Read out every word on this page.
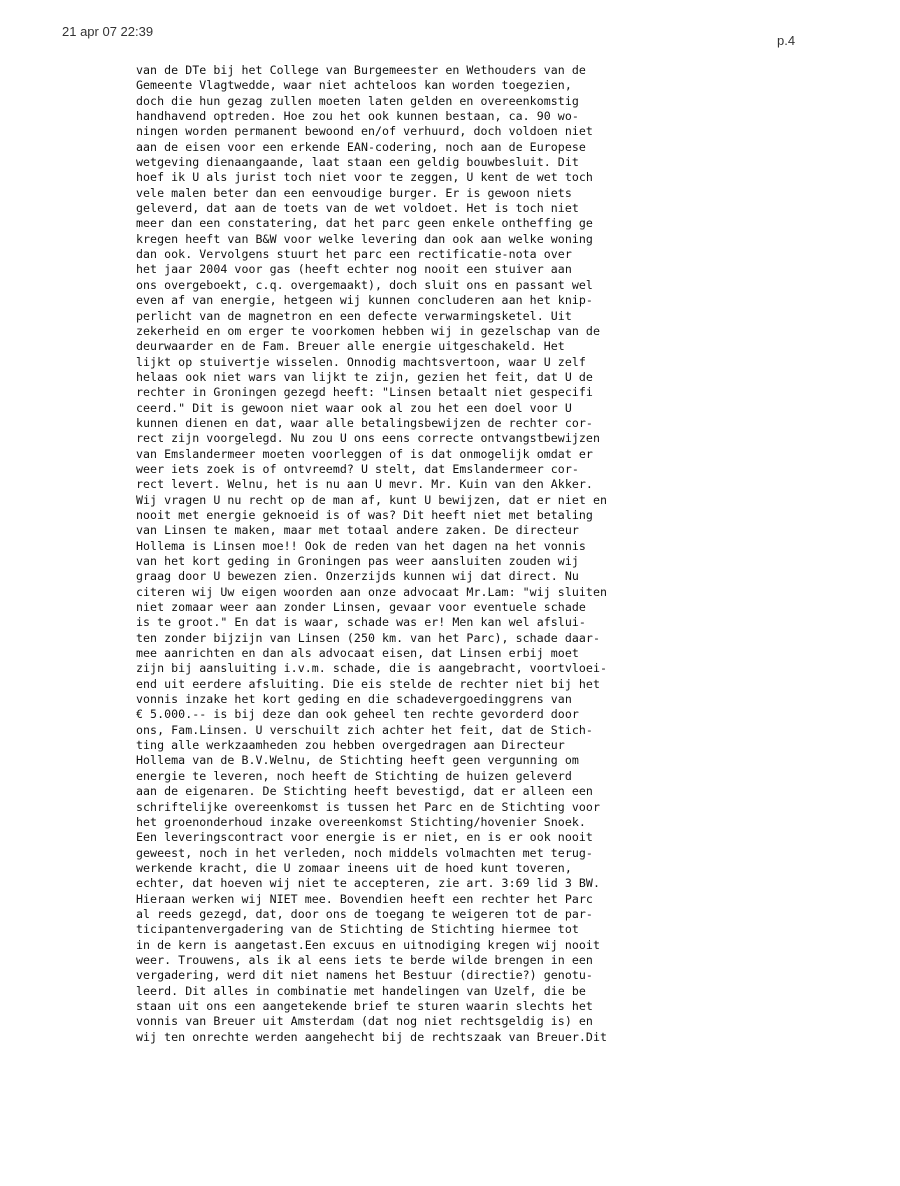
21 apr 07 22:39
p.4
van de DTe bij het College van Burgemeester en Wethouders van de
Gemeente Vlagtwedde, waar niet achteloos kan worden toegezien,
doch die hun gezag zullen moeten laten gelden en overeenkomstig
handhavend optreden. Hoe zou het ook kunnen bestaan, ca. 90 wo-
ningen worden permanent bewoond en/of verhuurd, doch voldoen niet
aan de eisen voor een erkende EAN-codering, noch aan de Europese
wetgeving dienaangaande, laat staan een geldig bouwbesluit. Dit
hoef ik U als jurist toch niet voor te zeggen, U kent de wet toch
vele malen beter dan een eenvoudige burger. Er is gewoon niets
geleverd, dat aan de toets van de wet voldoet. Het is toch niet
meer dan een constatering, dat het parc geen enkele ontheffing ge
kregen heeft van B&W voor welke levering dan ook aan welke woning
dan ook. Vervolgens stuurt het parc een rectificatie-nota over
het jaar 2004 voor gas (heeft echter nog nooit een stuiver aan
ons overgeboekt, c.q. overgemaakt), doch sluit ons en passant wel
even af van energie, hetgeen wij kunnen concluderen aan het knip-
perlicht van de magnetron en een defecte verwarmingsketel. Uit
zekerheid en om erger te voorkomen hebben wij in gezelschap van de
deurwaarder en de Fam. Breuer alle energie uitgeschakeld. Het
lijkt op stuivertje wisselen. Onnodig machtsvertoon, waar U zelf
helaas ook niet wars van lijkt te zijn, gezien het feit, dat U de
rechter in Groningen gezegd heeft: "Linsen betaalt niet gespecifi
ceerd." Dit is gewoon niet waar ook al zou het een doel voor U
kunnen dienen en dat, waar alle betalingsbewijzen de rechter cor-
rect zijn voorgelegd. Nu zou U ons eens correcte ontvangstbewijzen
van Emslandermeer moeten voorleggen of is dat onmogelijk omdat er
weer iets zoek is of ontvreemd? U stelt, dat Emslandermeer cor-
rect levert. Welnu, het is nu aan U mevr. Mr. Kuin van den Akker.
Wij vragen U nu recht op de man af, kunt U bewijzen, dat er niet en
nooit met energie geknoeid is of was? Dit heeft niet met betaling
van Linsen te maken, maar met totaal andere zaken. De directeur
Hollema is Linsen moe!! Ook de reden van het dagen na het vonnis
van het kort geding in Groningen pas weer aansluiten zouden wij
graag door U bewezen zien. Onzerzijds kunnen wij dat direct. Nu
citeren wij Uw eigen woorden aan onze advocaat Mr.Lam: "wij sluiten
niet zomaar weer aan zonder Linsen, gevaar voor eventuele schade
is te groot." En dat is waar, schade was er! Men kan wel afslui-
ten zonder bijzijn van Linsen (250 km. van het Parc), schade daar-
mee aanrichten en dan als advocaat eisen, dat Linsen erbij moet
zijn bij aansluiting i.v.m. schade, die is aangebracht, voortvloei-
end uit eerdere afsluiting. Die eis stelde de rechter niet bij het
vonnis inzake het kort geding en die schadevergoedinggrens van
€ 5.000.-- is bij deze dan ook geheel ten rechte gevorderd door
ons, Fam.Linsen. U verschuilt zich achter het feit, dat de Stich-
ting alle werkzaamheden zou hebben overgedragen aan Directeur
Hollema van de B.V.Welnu, de Stichting heeft geen vergunning om
energie te leveren, noch heeft de Stichting de huizen geleverd
aan de eigenaren. De Stichting heeft bevestigd, dat er alleen een
schriftelijke overeenkomst is tussen het Parc en de Stichting voor
het groenonderhoud inzake overeenkomst Stichting/hovenier Snoek.
Een leveringscontract voor energie is er niet, en is er ook nooit
geweest, noch in het verleden, noch middels volmachten met terug-
werkende kracht, die U zomaar ineens uit de hoed kunt toveren,
echter, dat hoeven wij niet te accepteren, zie art. 3:69 lid 3 BW.
Hieraan werken wij NIET mee. Bovendien heeft een rechter het Parc
al reeds gezegd, dat, door ons de toegang te weigeren tot de par-
ticipantenvergadering van de Stichting de Stichting hiermee tot
in de kern is aangetast.Een excuus en uitnodiging kregen wij nooit
weer. Trouwens, als ik al eens iets te berde wilde brengen in een
vergadering, werd dit niet namens het Bestuur (directie?) genotu-
leerd. Dit alles in combinatie met handelingen van Uzelf, die be
staan uit ons een aangetekende brief te sturen waarin slechts het
vonnis van Breuer uit Amsterdam (dat nog niet rechtsgeldig is) en
wij ten onrechte werden aangehecht bij de rechtszaak van Breuer.Dit
